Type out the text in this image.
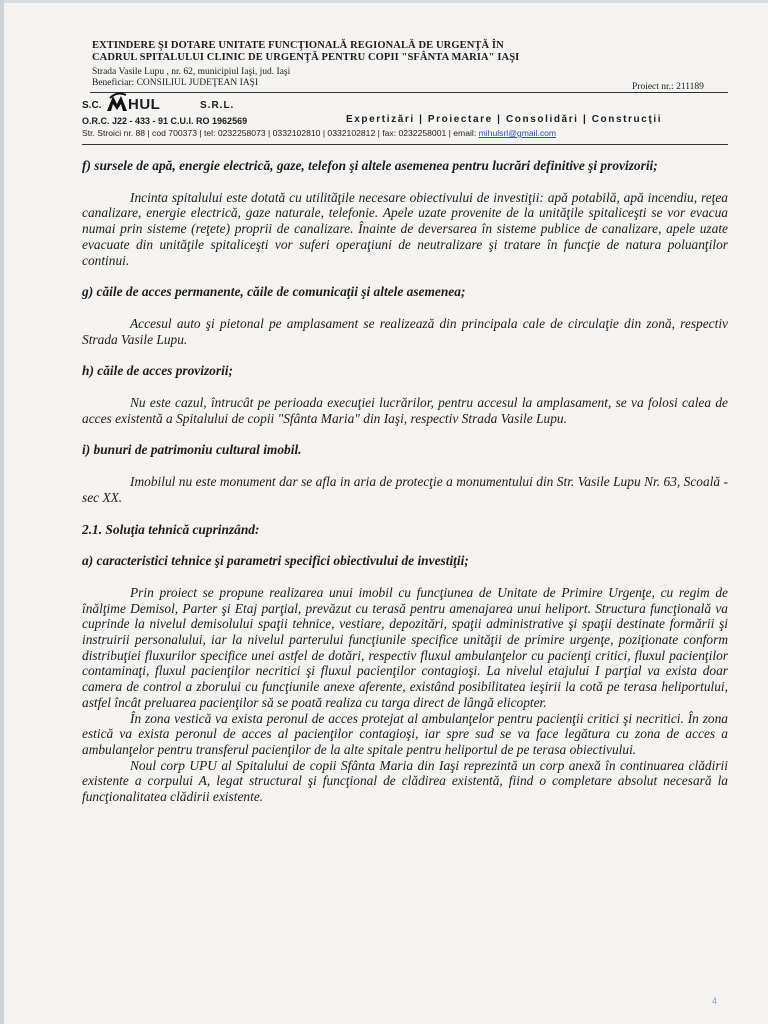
EXTINDERE ŞI DOTARE UNITATE FUNCŢIONALĂ REGIONALĂ DE URGENŢĂ ÎN
CADRUL SPITALULUI CLINIC DE URGENŢĂ PENTRU COPII "SFÂNTA MARIA" IAŞI
Strada Vasile Lupu , nr. 62, municipiul Iaşi, jud. Iaşi
Beneficiar: CONSILIUL JUDEŢEAN IAŞI	Proiect nr.: 211189
S.C. HUL	S.R.L.
O.R.C. J22 - 433 - 91 C.U.I. RO 1962569	Expertizări | Proiectare | Consolidări | Construcţii
Str. Stroici nr. 88 | cod 700373 | tel: 0232258073 | 0332102810 | 0332102812 | fax: 0232258001 | email: mihulsrl@gmail.com
f) sursele de apă, energie electrică, gaze, telefon şi altele asemenea pentru lucrări definitive şi provizorii;

Incinta spitalului este dotată cu utilităţile necesare obiectivului de investiţii: apă potabilă, apă incendiu, reţea canalizare, energie electrică, gaze naturale, telefonie. Apele uzate provenite de la unităţile spitaliceşti se vor evacua numai prin sisteme (reţete) proprii de canalizare. Înainte de deversarea în sisteme publice de canalizare, apele uzate evacuate din unităţile spitaliceşti vor suferi operaţiuni de neutralizare şi tratare în funcţie de natura poluanţilor continui.

g) căile de acces permanente, căile de comunicaţii şi altele asemenea;

Accesul auto şi pietonal pe amplasament se realizează din principala cale de circulaţie din zonă, respectiv Strada Vasile Lupu.

h) căile de acces provizorii;

Nu este cazul, întrucât pe perioada execuţiei lucrărilor, pentru accesul la amplasament, se va folosi calea de acces existentă a Spitalului de copii "Sfânta Maria" din Iaşi, respectiv Strada Vasile Lupu.

i) bunuri de patrimoniu cultural imobil.

Imobilul nu este monument dar se afla in aria de protecţie a monumentului din Str. Vasile Lupu Nr. 63, Scoală - sec XX.

2.1. Soluţia tehnică cuprinzând:
a) caracteristici tehnice şi parametri specifici obiectivului de investiţii;

Prin proiect se propune realizarea unui imobil cu funcţiunea de Unitate de Primire Urgenţe, cu regim de înălţime Demisol, Parter şi Etaj parţial, prevăzut cu terasă pentru amenajarea unui heliport. Structura funcţională va cuprinde la nivelul demisolului spaţii tehnice, vestiare, depozitări, spaţii administrative şi spaţii destinate formării şi instruirii personalului, iar la nivelul parterului funcţiunile specifice unităţii de primire urgenţe, poziţionate conform distribuţiei fluxurilor specifice unei astfel de dotări, respectiv fluxul ambulanţelor cu pacienţi critici, fluxul pacienţilor contaminaţi, fluxul pacienţilor necritici şi fluxul pacienţilor contagioşi. La nivelul etajului I parţial va exista doar camera de control a zborului cu funcţiunile anexe aferente, existând posibilitatea ieşirii la cotă pe terasa heliportului, astfel încât preluarea pacienţilor să se poată realiza cu targa direct de lângă elicopter.

În zona vestică va exista peronul de acces protejat al ambulanţelor pentru pacienţii critici şi necritici. În zona estică va exista peronul de acces al pacienţilor contagioşi, iar spre sud se va face legătura cu zona de acces a ambulanţelor pentru transferul pacienţilor de la alte spitale pentru heliportul de pe terasa obiectivului.

Noul corp UPU al Spitalului de copii Sfânta Maria din Iaşi reprezintă un corp anexă în continuarea clădirii existente a corpului A, legat structural şi funcţional de clădirea existentă, fiind o completare absolut necesară la funcţionalitatea clădirii existente.

4
